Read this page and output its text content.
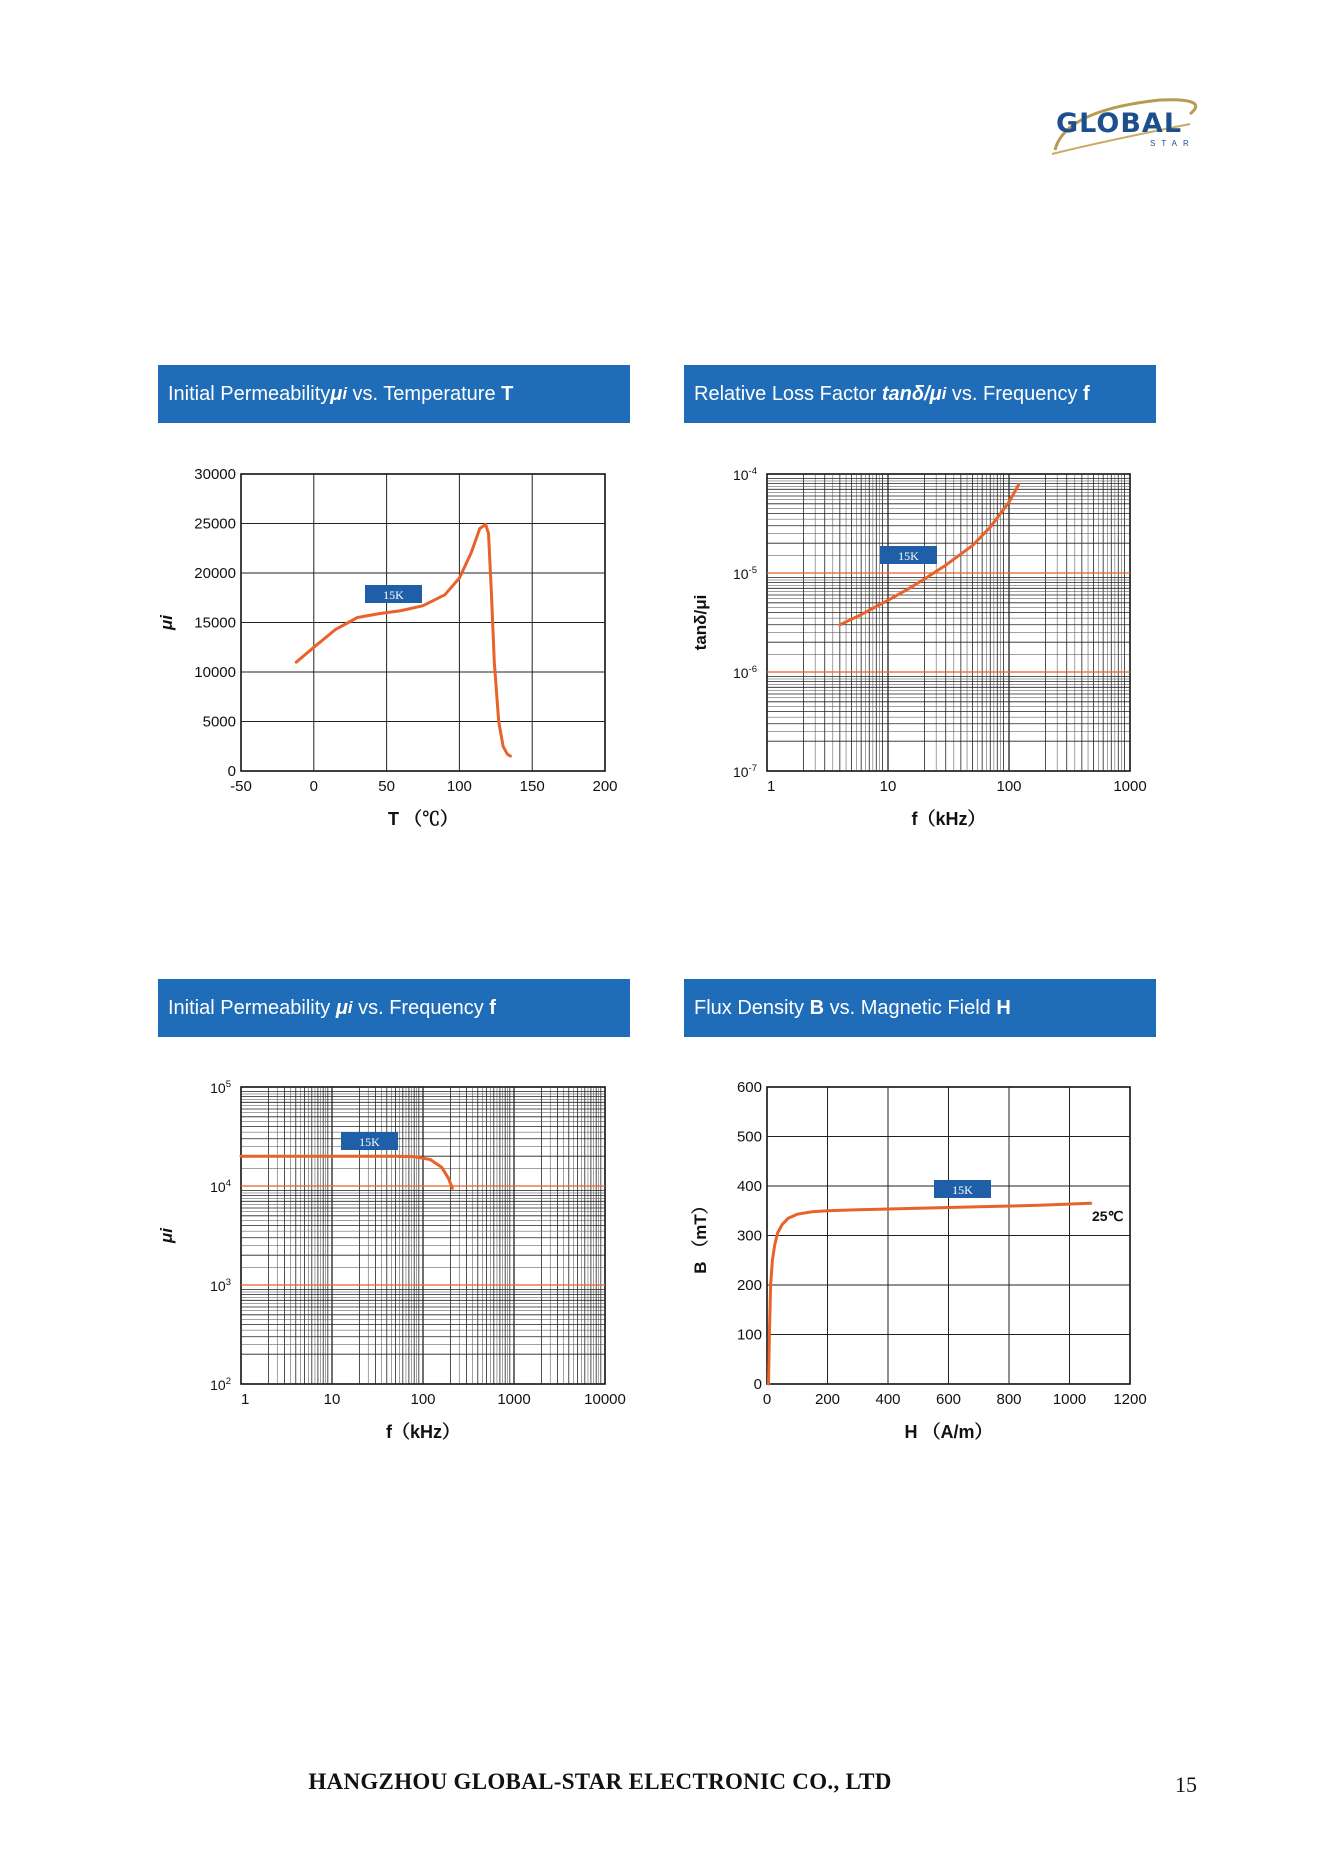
GLOBAL
STAR
Initial Permeability μ i vs. Temperature T	Relative Loss Factor tanδ/μ i vs. Frequency f
Initial Permeability μ i vs. Frequency f	Flux Density B vs. Magnetic Field H
-50	0	50	100	150	200
0
5000
10000
15000
20000
25000
30000
T （℃）
μi
15K
1	10	100	1000
$10^{-7}$
$10^{-6}$
$10^{-5}$
$10^{-4}$
f（kHz）
tanδ/μi
15K
1	10	100	1000	10000
$10^2$
$10^3$
$10^4$
$10^5$
f（kHz）
μi
15K
0	200 400 600 800 1000 1200
0
100
200
300
400
500
600
H （A/m）
B （mT）
15K
25℃
HANGZHOU GLOBAL-STAR ELECTRONIC CO., LTD	15
